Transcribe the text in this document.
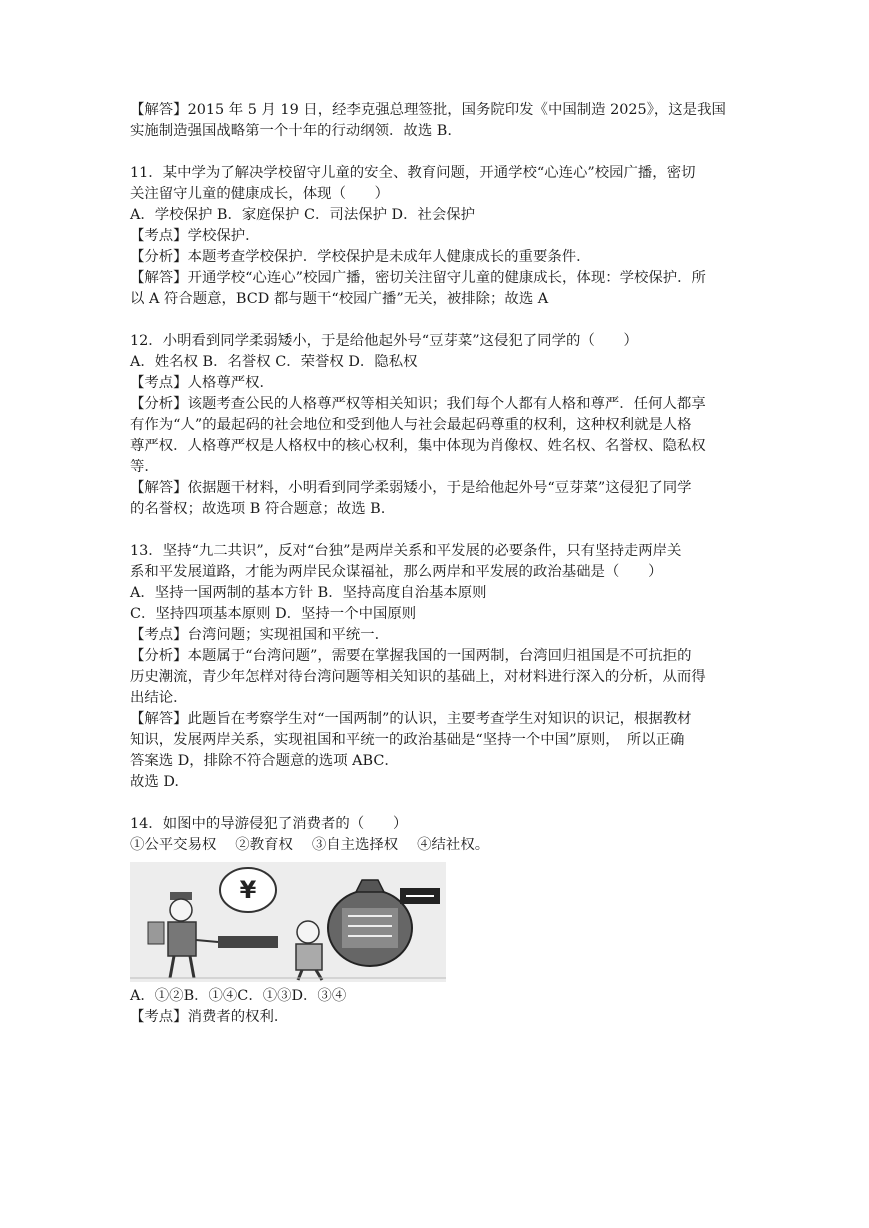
【解答】2015 年 5 月 19 日，经李克强总理签批，国务院印发《中国制造 2025》，这是我国

实施制造强国战略第一个十年的行动纲领．故选 B.

11．某中学为了解决学校留守儿童的安全、教育问题，开通学校“心连心”校园广播，密切

关注留守儿童的健康成长，体现（　　）

A．学校保护 B．家庭保护 C．司法保护 D．社会保护

【考点】学校保护．

【分析】本题考查学校保护．学校保护是未成年人健康成长的重要条件．

【解答】开通学校“心连心”校园广播，密切关注留守儿童的健康成长，体现：学校保护．所

以 A 符合题意，BCD 都与题干“校园广播”无关，被排除；故选 A

12．小明看到同学柔弱矮小，于是给他起外号“豆芽菜”这侵犯了同学的（　　）

A．姓名权 B．名誉权 C．荣誉权 D．隐私权

【考点】人格尊严权．

【分析】该题考查公民的人格尊严权等相关知识；我们每个人都有人格和尊严．任何人都享

有作为“人”的最起码的社会地位和受到他人与社会最起码尊重的权利，这种权利就是人格

尊严权．人格尊严权是人格权中的核心权利，集中体现为肖像权、姓名权、名誉权、隐私权

等．

【解答】依据题干材料，小明看到同学柔弱矮小，于是给他起外号“豆芽菜”这侵犯了同学

的名誉权；故选项 B 符合题意；故选 B.

13．坚持“九二共识”，反对“台独”是两岸关系和平发展的必要条件，只有坚持走两岸关

系和平发展道路，才能为两岸民众谋福祉，那么两岸和平发展的政治基础是（　　）

A．坚持一国两制的基本方针 B．坚持高度自治基本原则

C．坚持四项基本原则 D．坚持一个中国原则

【考点】台湾问题；实现祖国和平统一．

【分析】本题属于“台湾问题”，需要在掌握我国的一国两制，台湾回归祖国是不可抗拒的

历史潮流，青少年怎样对待台湾问题等相关知识的基础上，对材料进行深入的分析，从而得

出结论．

【解答】此题旨在考察学生对“一国两制”的认识，主要考查学生对知识的识记，根据教材

知识，发展两岸关系，实现祖国和平统一的政治基础是“坚持一个中国”原则，　所以正确

答案选 D，排除不符合题意的选项 ABC．

故选 D.

14．如图中的导游侵犯了消费者的（　　）

①公平交易权　 ②教育权　 ③自主选择权　 ④结社权。

¥

A．①②B．①④C．①③D．③④

【考点】消费者的权利．
